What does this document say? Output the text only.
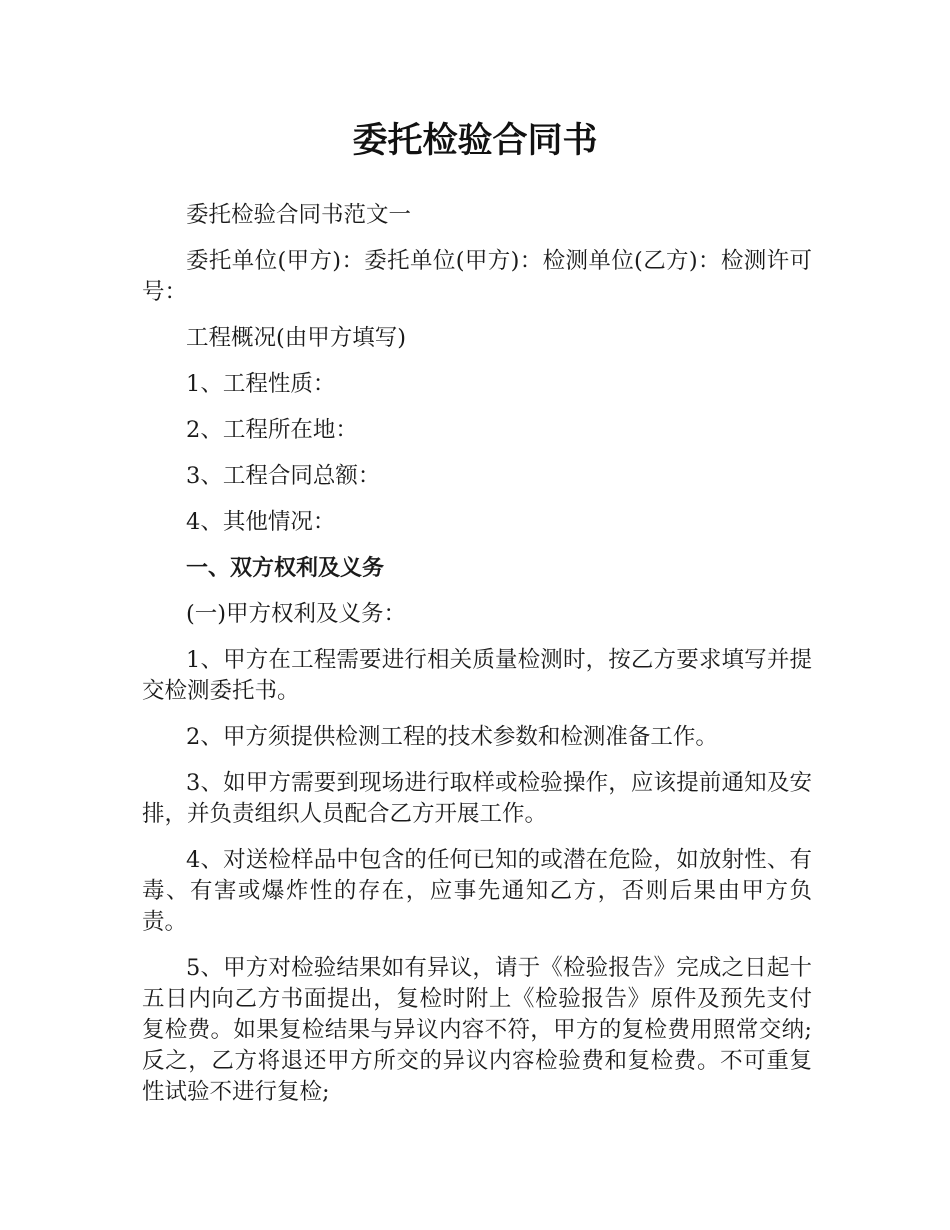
委托检验合同书

委托检验合同书范文一

委托单位(甲方)：委托单位(甲方)：检测单位(乙方)：检测许可号：

工程概况(由甲方填写)

1、工程性质：

2、工程所在地：

3、工程合同总额：

4、其他情况：

一、双方权利及义务

(一)甲方权利及义务：

1、甲方在工程需要进行相关质量检测时，按乙方要求填写并提交检测委托书。

2、甲方须提供检测工程的技术参数和检测准备工作。

3、如甲方需要到现场进行取样或检验操作，应该提前通知及安排，并负责组织人员配合乙方开展工作。

4、对送检样品中包含的任何已知的或潜在危险，如放射性、有毒、有害或爆炸性的存在，应事先通知乙方，否则后果由甲方负责。

5、甲方对检验结果如有异议，请于《检验报告》完成之日起十五日内向乙方书面提出，复检时附上《检验报告》原件及预先支付复检费。如果复检结果与异议内容不符，甲方的复检费用照常交纳;反之，乙方将退还甲方所交的异议内容检验费和复检费。不可重复性试验不进行复检;
